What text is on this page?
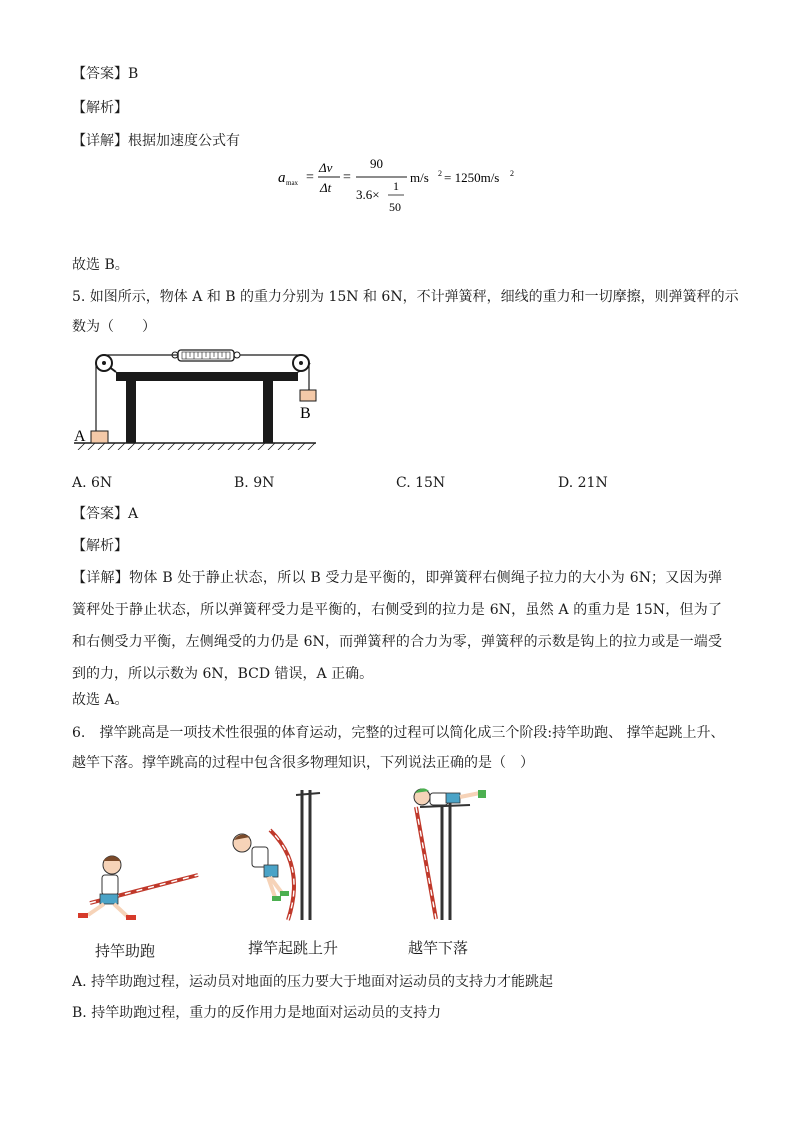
【答案】B
【解析】
【详解】根据加速度公式有
a max =
Δv
Δt
=
90
3.6×
1
50
m/s 2 = 1250m/s 2
故选 B。
5. 如图所示，物体 A 和 B 的重力分别为 15N 和 6N，不计弹簧秤，细线的重力和一切摩擦，则弹簧秤的示
数为（　　）
A
B
A. 6N	B. 9N	C. 15N	D. 21N
【答案】A
【解析】
【详解】物体 B 处于静止状态，所以 B 受力是平衡的，即弹簧秤右侧绳子拉力的大小为 6N；又因为弹簧秤处于静止状态，所以弹簧秤受力是平衡的，右侧受到的拉力是 6N，虽然 A 的重力是 15N，但为了和右侧受力平衡，左侧绳受的力仍是 6N，而弹簧秤的合力为零，弹簧秤的示数是钩上的拉力或是一端受到的力，所以示数为 6N，BCD 错误，A 正确。
故选 A。
6.　撑竿跳高是一项技术性很强的体育运动，完整的过程可以简化成三个阶段:持竿助跑、 撑竿起跳上升、
越竿下落。撑竿跳高的过程中包含很多物理知识，下列说法正确的是（　）
持竿助跑	撑竿起跳上升	越竿下落
A. 持竿助跑过程，运动员对地面的压力要大于地面对运动员的支持力才能跳起
B. 持竿助跑过程，重力的反作用力是地面对运动员的支持力
